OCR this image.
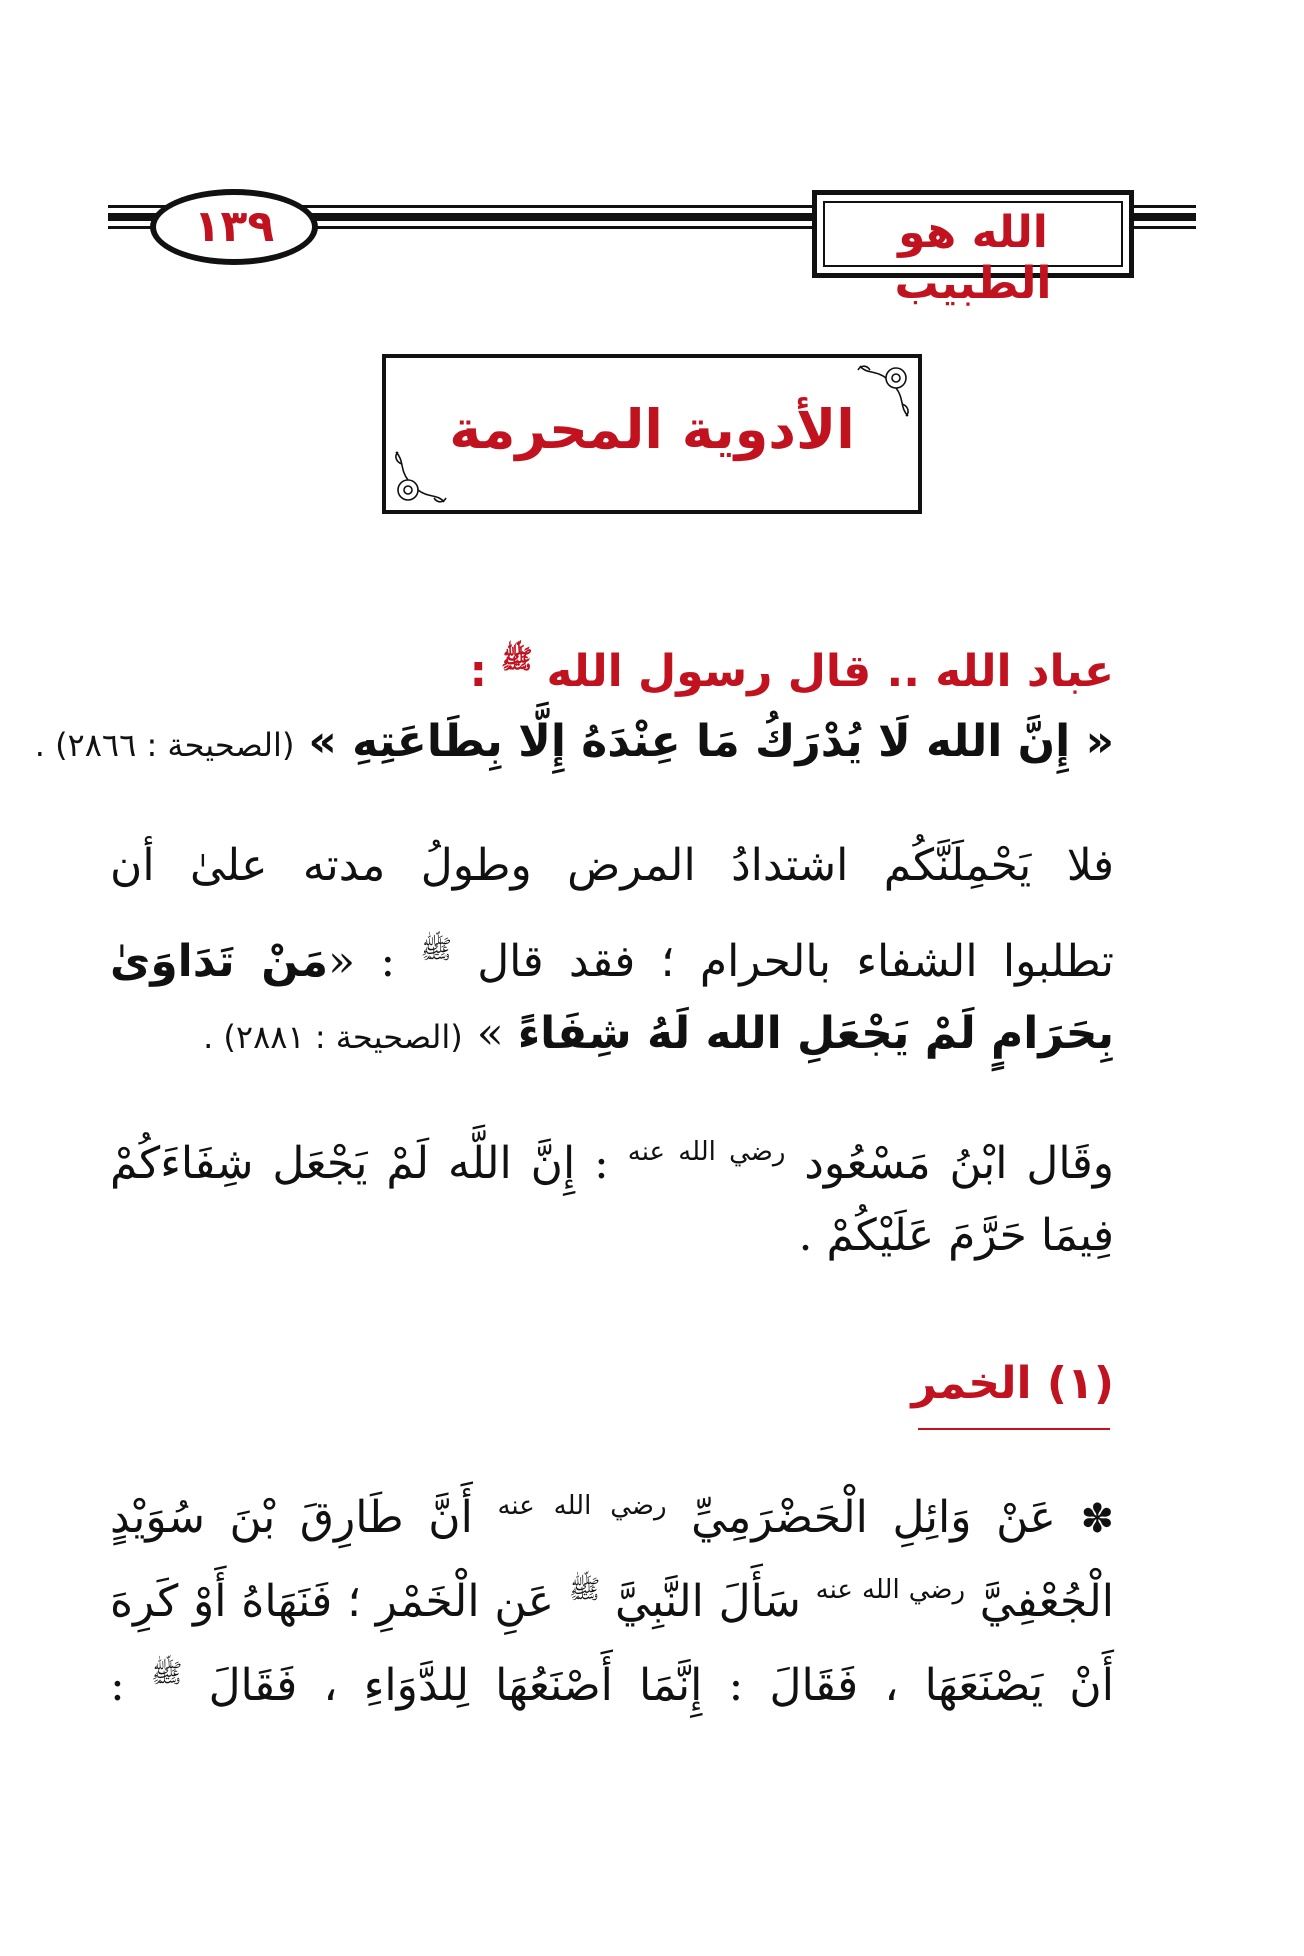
١٣٩	الله هو الطبيب
الأدوية المحرمة
عباد الله .. قال رسول الله $^ﷺ$ :
« إِنَّ الله لَا يُدْرَكُ مَا عِنْدَهُ إِلَّا بِطَاعَتِهِ » (الصحيحة : ٢٨٦٦) .
فلا يَحْمِلَنَّكُم اشتدادُ المرض وطولُ مدته علىٰ أن
تطلبوا الشفاء بالحرام ؛ فقد قال $^ﷺ$ : «مَنْ تَدَاوَىٰ
بِحَرَامٍ لَمْ يَجْعَلِ الله لَهُ شِفَاءً » (الصحيحة : ٢٨٨١) .
وقَال ابْنُ مَسْعُود $^{رضي الله عنه}$ : إِنَّ اللَّه لَمْ يَجْعَل شِفَاءَكُمْ
فِيمَا حَرَّمَ عَلَيْكُمْ .
(١) الخمر
✽ عَنْ وَائِلِ الْحَضْرَمِيِّ $^{رضي الله عنه}$ أَنَّ طَارِقَ بْنَ سُوَيْدٍ
الْجُعْفِيَّ $^{رضي الله عنه}$ سَأَلَ النَّبِيَّ $^ﷺ$ عَنِ الْخَمْرِ ؛ فَنَهَاهُ أَوْ كَرِهَ
أَنْ يَصْنَعَهَا ، فَقَالَ : إِنَّمَا أَصْنَعُهَا لِلدَّوَاءِ ، فَقَالَ $^ﷺ$ :
